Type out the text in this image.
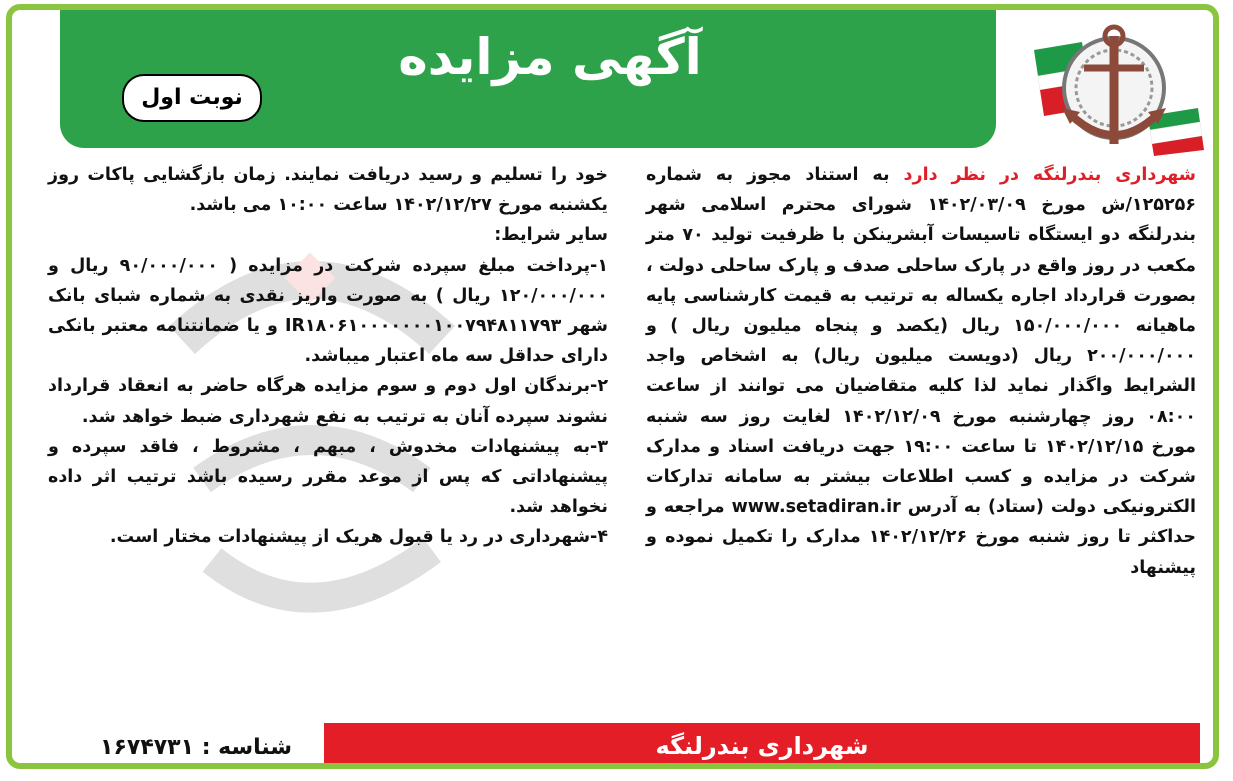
آگهی مزایده
نوبت اول

شهرداری بندرلنگه در نظر دارد به استناد مجوز به شماره ۱۲۵۲۵۶/ش مورخ ۱۴۰۲/۰۳/۰۹ شورای محترم اسلامی شهر بندرلنگه دو ایستگاه تاسیسات آبشرینکن با ظرفیت تولید ۷۰ متر مکعب در روز واقع در پارک ساحلی صدف و پارک ساحلی دولت ، بصورت قرارداد اجاره یکساله به ترتیب به قیمت کارشناسی پایه ماهیانه ۱۵۰/۰۰۰/۰۰۰ ریال (یکصد و پنجاه میلیون ریال ) و ۲۰۰/۰۰۰/۰۰۰ ریال (دویست میلیون ریال) به اشخاص واجد الشرایط واگذار نماید لذا کلیه متقاضیان می توانند از ساعت ۰۸:۰۰ روز چهارشنبه مورخ ۱۴۰۲/۱۲/۰۹ لغایت روز سه شنبه مورخ ۱۴۰۲/۱۲/۱۵ تا ساعت ۱۹:۰۰ جهت دریافت اسناد و مدارک شرکت در مزایده و کسب اطلاعات بیشتر به سامانه تدارکات الکترونیکی دولت (ستاد) به آدرس www.setadiran.ir مراجعه و حداکثر تا روز شنبه مورخ ۱۴۰۲/۱۲/۲۶ مدارک را تکمیل نموده و پیشنهاد

خود را تسلیم و رسید دریافت نمایند. زمان بازگشایی پاکات روز یکشنبه مورخ ۱۴۰۲/۱۲/۲۷ ساعت ۱۰:۰۰ می باشد.

سایر شرایط:

۱-پرداخت مبلغ سپرده شرکت در مزایده ( ۹۰/۰۰۰/۰۰۰ ریال و ۱۲۰/۰۰۰/۰۰۰ ریال ) به صورت واریز نقدی به شماره شبای بانک شهر IR۱۸۰۶۱۰۰۰۰۰۰۰۱۰۰۷۹۴۸۱۱۷۹۳ و یا ضمانتنامه معتبر بانکی دارای حداقل سه ماه اعتبار میباشد.

۲-برندگان اول دوم و سوم مزایده هرگاه حاضر به انعقاد قرارداد نشوند سپرده آنان به ترتیب به نفع شهرداری ضبط خواهد شد.

۳-به پیشنهادات مخدوش ، مبهم ، مشروط ، فاقد سپرده و پیشنهاداتی که پس از موعد مقرر رسیده باشد ترتیب اثر داده نخواهد شد.

۴-شهرداری در رد یا قبول هریک از پیشنهادات مختار است.

شهرداری بندرلنگه
شناسه : ۱۶۷۴۷۳۱
